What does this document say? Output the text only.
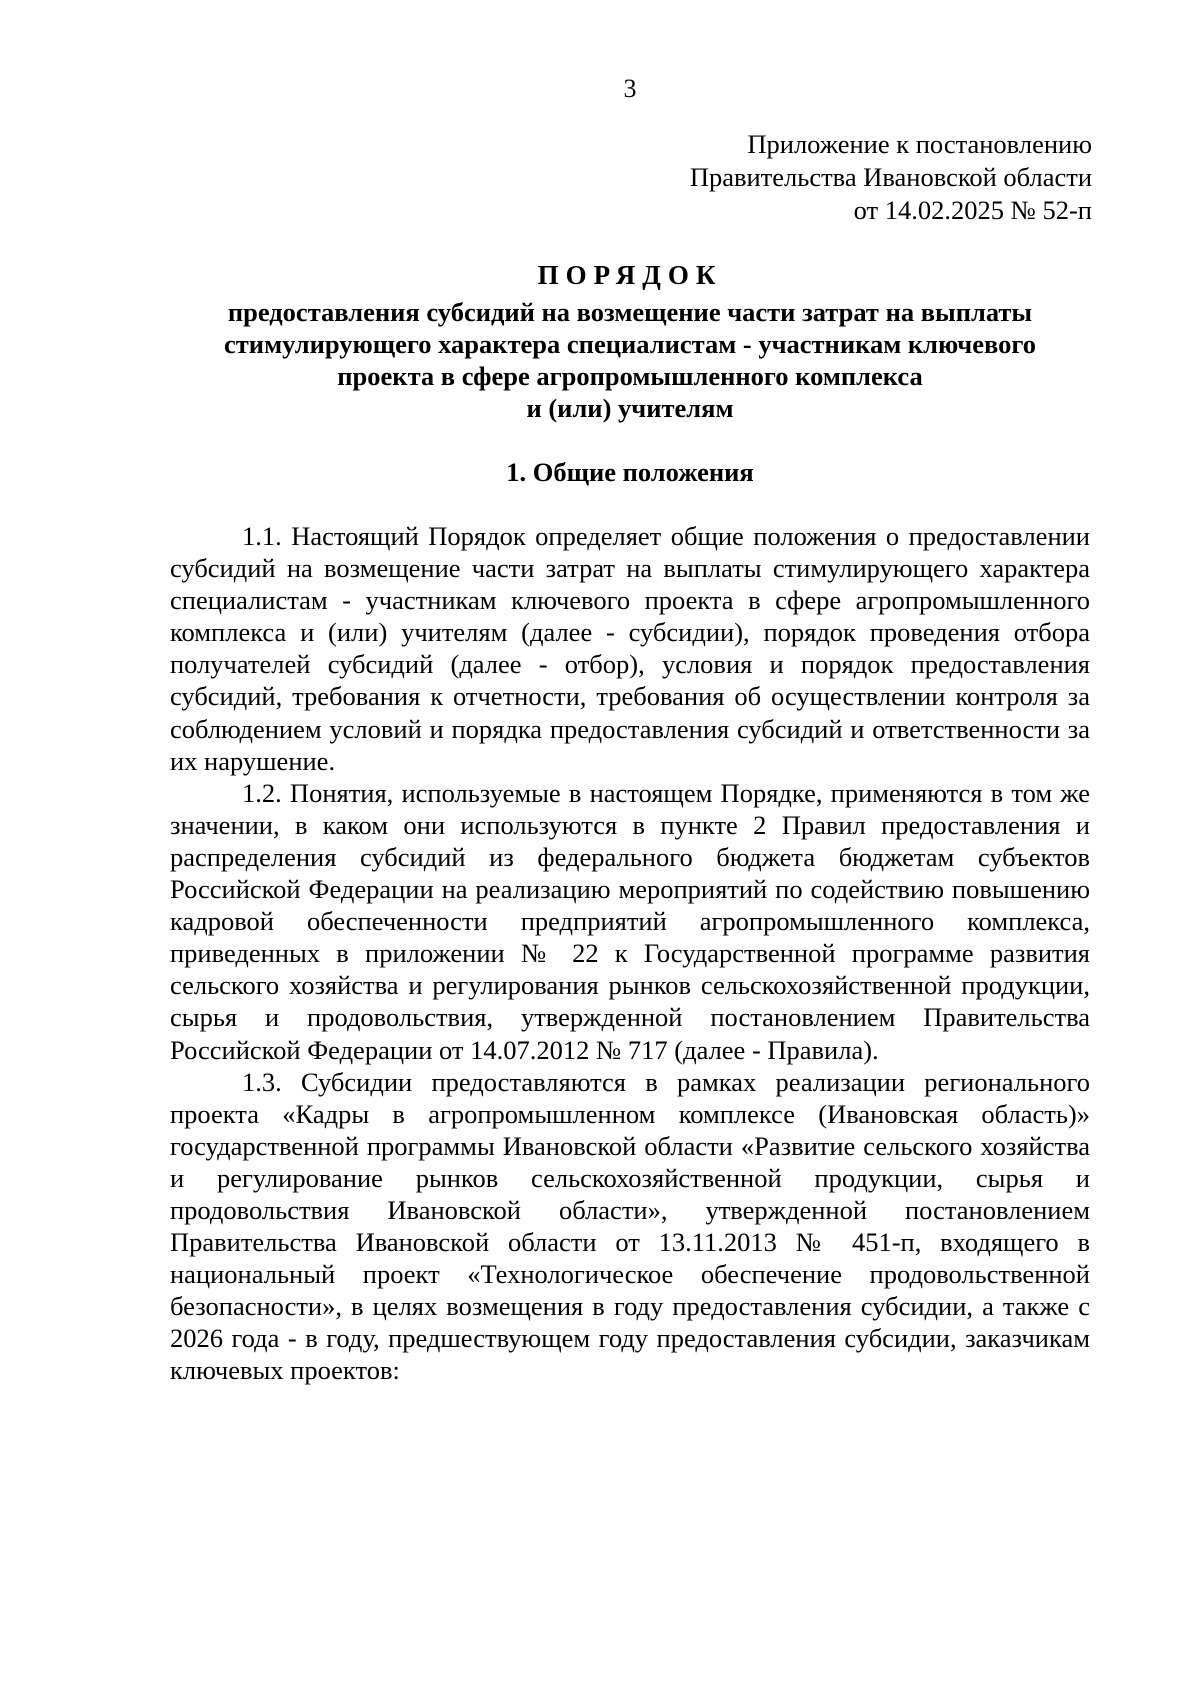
3
Приложение к постановлению
Правительства Ивановской области
от 14.02.2025 № 52-п
ПОРЯДОК
предоставления субсидий на возмещение части затрат на выплаты
стимулирующего характера специалистам - участникам ключевого
проекта в сфере агропромышленного комплекса
и (или) учителям
1. Общие положения

1.1. Настоящий Порядок определяет общие положения о предоставлении субсидий на возмещение части затрат на выплаты стимулирующего характера специалистам - участникам ключевого проекта в сфере агропромышленного комплекса и (или) учителям (далее - субсидии), порядок проведения отбора получателей субсидий (далее - отбор), условия и порядок предоставления субсидий, требования к отчетности, требования об осуществлении контроля за соблюдением условий и порядка предоставления субсидий и ответственности за их нарушение.

1.2. Понятия, используемые в настоящем Порядке, применяются в том же значении, в каком они используются в пункте 2 Правил предоставления и распределения субсидий из федерального бюджета бюджетам субъектов Российской Федерации на реализацию мероприятий по содействию повышению кадровой обеспеченности предприятий агропромышленного комплекса, приведенных в приложении № 22 к Государственной программе развития сельского хозяйства и регулирования рынков сельскохозяйственной продукции, сырья и продовольствия, утвержденной постановлением Правительства Российской Федерации от 14.07.2012 № 717 (далее - Правила).

1.3. Субсидии предоставляются в рамках реализации регионального проекта «Кадры в агропромышленном комплексе (Ивановская область)» государственной программы Ивановской области «Развитие сельского хозяйства и регулирование рынков сельскохозяйственной продукции, сырья и продовольствия Ивановской области», утвержденной постановлением Правительства Ивановской области от 13.11.2013 № 451-п, входящего в национальный проект «Технологическое обеспечение продовольственной безопасности», в целях возмещения в году предоставления субсидии, а также с 2026 года - в году, предшествующем году предоставления субсидии, заказчикам ключевых проектов:
